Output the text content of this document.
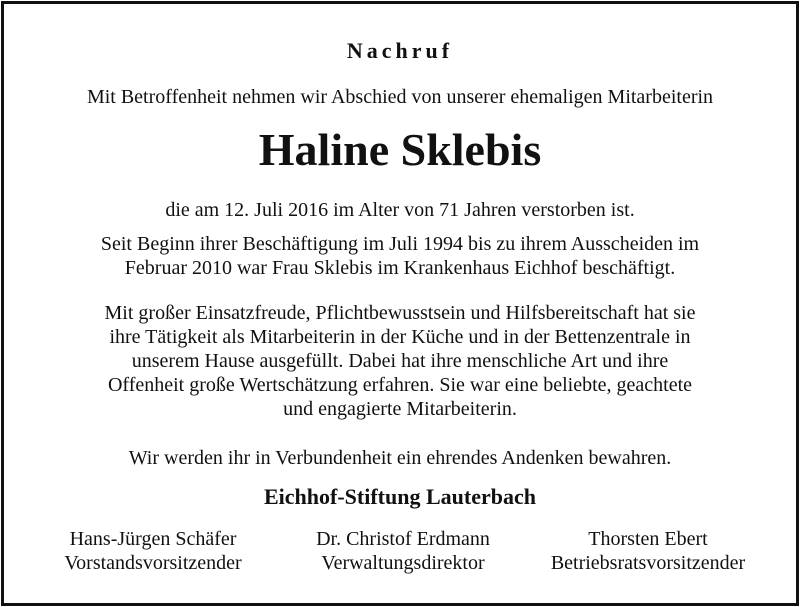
Nachruf
Mit Betroffenheit nehmen wir Abschied von unserer ehemaligen Mitarbeiterin
Haline Sklebis
die am 12. Juli 2016 im Alter von 71 Jahren verstorben ist.
Seit Beginn ihrer Beschäftigung im Juli 1994 bis zu ihrem Ausscheiden im
Februar 2010 war Frau Sklebis im Krankenhaus Eichhof beschäftigt.
Mit großer Einsatzfreude, Pflichtbewusstsein und Hilfsbereitschaft hat sie
ihre Tätigkeit als Mitarbeiterin in der Küche und in der Bettenzentrale in
unserem Hause ausgefüllt. Dabei hat ihre menschliche Art und ihre
Offenheit große Wertschätzung erfahren. Sie war eine beliebte, geachtete
und engagierte Mitarbeiterin.
Wir werden ihr in Verbundenheit ein ehrendes Andenken bewahren.
Eichhof-Stiftung Lauterbach
Hans-Jürgen Schäfer
Vorstandsvorsitzender
Dr. Christof Erdmann
Verwaltungsdirektor
Thorsten Ebert
Betriebsratsvorsitzender
